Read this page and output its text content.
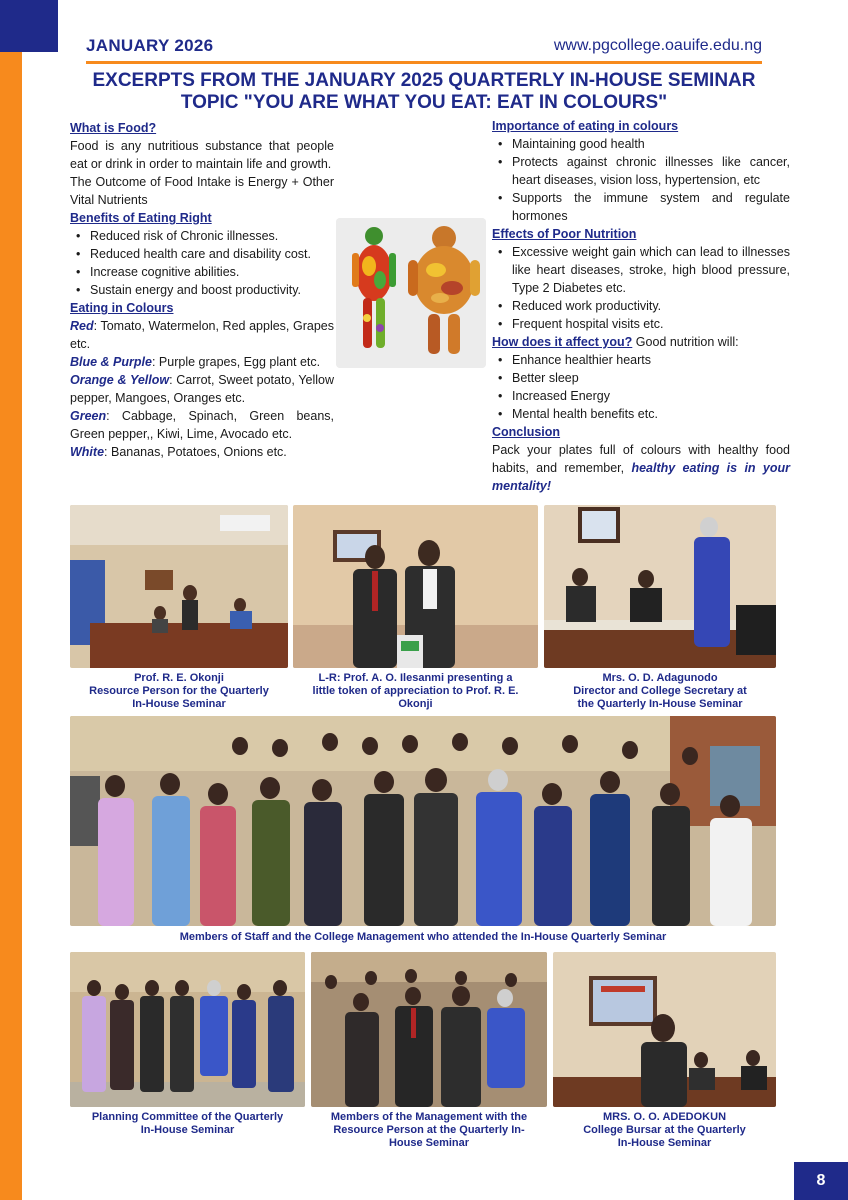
JANUARY 2026	www.pgcollege.oauife.edu.ng
EXCERPTS FROM THE JANUARY 2025 QUARTERLY IN-HOUSE SEMINAR
TOPIC "YOU ARE WHAT YOU EAT: EAT IN COLOURS"
What is Food?
Food is any nutritious substance that people eat or drink in order to maintain life and growth.
The Outcome of Food Intake is Energy + Other Vital Nutrients
Benefits of Eating Right
• Reduced risk of Chronic illnesses.
• Reduced health care and disability cost.
• Increase cognitive abilities.
• Sustain energy and boost productivity.
Eating in Colours
Red: Tomato, Watermelon, Red apples, Grapes etc.
Blue & Purple: Purple grapes, Egg plant etc.
Orange & Yellow: Carrot, Sweet potato, Yellow pepper, Mangoes, Oranges etc.
Green: Cabbage, Spinach, Green beans, Green pepper,, Kiwi, Lime, Avocado etc.
White: Bananas, Potatoes, Onions etc.
Importance of eating in colours
• Maintaining good health
• Protects against chronic illnesses like cancer, heart diseases, vision loss, hypertension, etc
• Supports the immune system and regulate hormones
Effects of Poor Nutrition
• Excessive weight gain which can lead to illnesses like heart diseases, stroke, high blood pressure, Type 2 Diabetes etc.
• Reduced work productivity.
• Frequent hospital visits etc.
How does it affect you? Good nutrition will:
• Enhance healthier hearts
• Better sleep
• Increased Energy
• Mental health benefits etc.
Conclusion
Pack your plates full of colours with healthy food habits, and remember, healthy eating is in your mentality!
Prof. R. E. Okonji
Resource Person for the Quarterly
In-House Seminar
L-R: Prof. A. O. Ilesanmi presenting a
little token of appreciation to Prof. R. E.
Okonji
Mrs. O. D. Adagunodo
Director and College Secretary at
the Quarterly In-House Seminar
Members of Staff and the College Management who attended the In-House Quarterly Seminar
Planning Committee of the Quarterly
In-House Seminar
Members of the Management with the
Resource Person at the Quarterly In-
House Seminar
MRS. O. O. ADEDOKUN
College Bursar at the Quarterly
In-House Seminar
8
